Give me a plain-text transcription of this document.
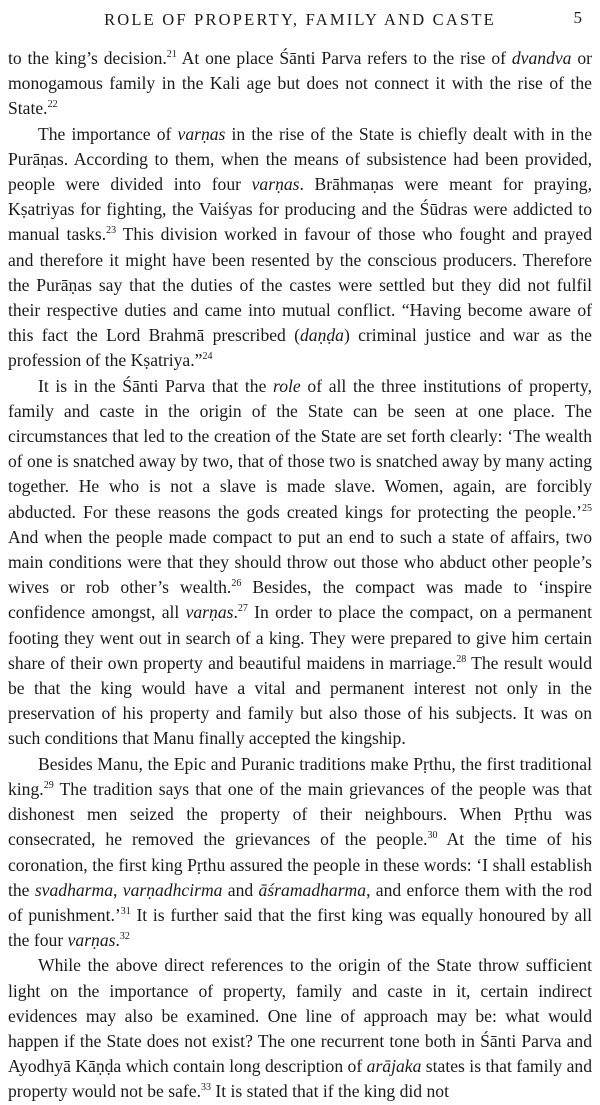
ROLE OF PROPERTY, FAMILY AND CASTE	5

to the king’s decision.$^{21}$ At one place Śānti Parva refers to the rise of dvandva or monogamous family in the Kali age but does not connect it with the rise of the State.$^{22}$

The importance of varṇas in the rise of the State is chiefly dealt with in the Purāṇas. According to them, when the means of subsistence had been provided, people were divided into four varṇas. Brāhmaṇas were meant for praying, Kṣatriyas for fighting, the Vaiśyas for producing and the Śūdras were addicted to manual tasks.$^{23}$ This division worked in favour of those who fought and prayed and therefore it might have been resented by the conscious producers. Therefore the Purāṇas say that the duties of the castes were settled but they did not fulfil their respective duties and came into mutual conflict. “Having become aware of this fact the Lord Brahmā prescribed (daṇḍa) criminal justice and war as the profession of the Kṣatriya.”$^{24}$

It is in the Śānti Parva that the role of all the three institutions of property, family and caste in the origin of the State can be seen at one place. The circumstances that led to the creation of the State are set forth clearly: ‘The wealth of one is snatched away by two, that of those two is snatched away by many acting together. He who is not a slave is made slave. Women, again, are forcibly abducted. For these reasons the gods created kings for protecting the people.’$^{25}$ And when the people made compact to put an end to such a state of affairs, two main conditions were that they should throw out those who abduct other people’s wives or rob other’s wealth.$^{26}$ Besides, the compact was made to ‘inspire confidence amongst, all varṇas.$^{27}$ In order to place the compact, on a permanent footing they went out in search of a king. They were prepared to give him certain share of their own property and beautiful maidens in marriage.$^{28}$ The result would be that the king would have a vital and permanent interest not only in the preservation of his property and family but also those of his subjects. It was on such conditions that Manu finally accepted the kingship.

Besides Manu, the Epic and Puranic traditions make Pṛthu, the first traditional king.$^{29}$ The tradition says that one of the main grievances of the people was that dishonest men seized the property of their neighbours. When Pṛthu was consecrated, he removed the grievances of the people.$^{30}$ At the time of his coronation, the first king Pṛthu assured the people in these words: ‘I shall establish the svadharma, varṇadhcirma and āśramadharma, and enforce them with the rod of punishment.’$^{31}$ It is further said that the first king was equally honoured by all the four varṇas.$^{32}$

While the above direct references to the origin of the State throw sufficient light on the importance of property, family and caste in it, certain indirect evidences may also be examined. One line of approach may be: what would happen if the State does not exist? The one recurrent tone both in Śānti Parva and Ayodhyā Kāṇḍa which contain long description of arājaka states is that family and property would not be safe.$^{33}$ It is stated that if the king did not
